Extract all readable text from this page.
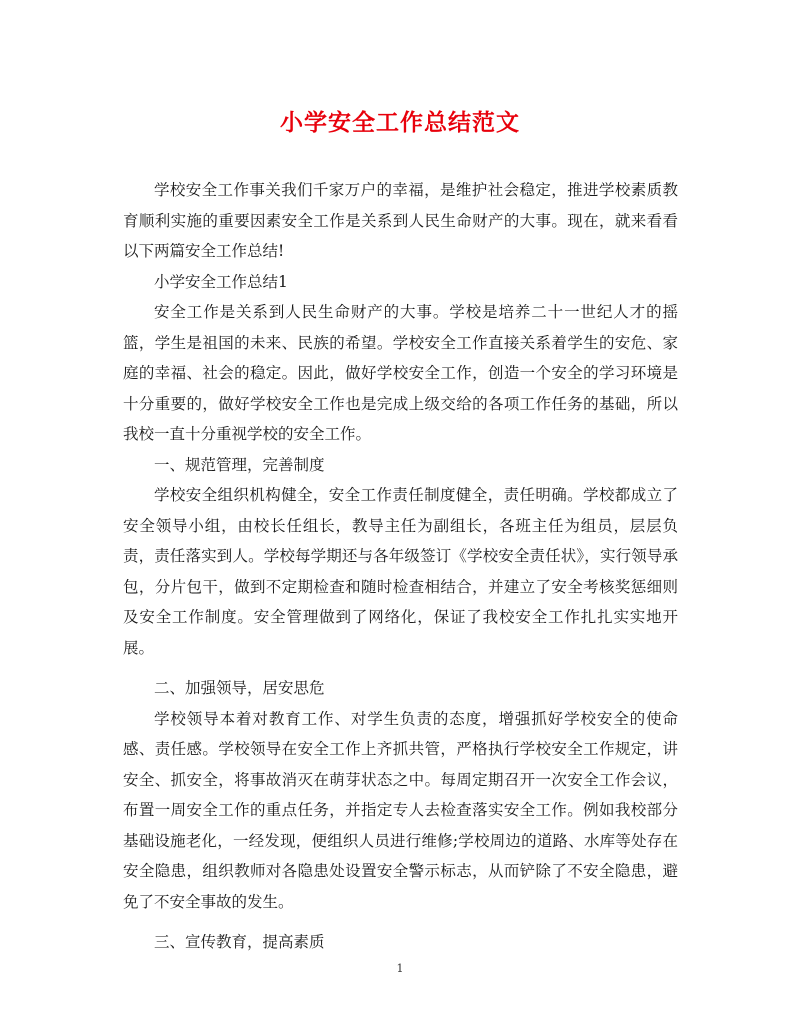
小学安全工作总结范文

学校安全工作事关我们千家万户的幸福，是维护社会稳定，推进学校素质教育顺利实施的重要因素安全工作是关系到人民生命财产的大事。现在，就来看看以下两篇安全工作总结!

小学安全工作总结1

安全工作是关系到人民生命财产的大事。学校是培养二十一世纪人才的摇篮，学生是祖国的未来、民族的希望。学校安全工作直接关系着学生的安危、家庭的幸福、社会的稳定。因此，做好学校安全工作，创造一个安全的学习环境是十分重要的，做好学校安全工作也是完成上级交给的各项工作任务的基础，所以我校一直十分重视学校的安全工作。

一、规范管理，完善制度

学校安全组织机构健全，安全工作责任制度健全，责任明确。学校都成立了安全领导小组，由校长任组长，教导主任为副组长，各班主任为组员，层层负责，责任落实到人。学校每学期还与各年级签订《学校安全责任状》，实行领导承包，分片包干，做到不定期检查和随时检查相结合，并建立了安全考核奖惩细则及安全工作制度。安全管理做到了网络化，保证了我校安全工作扎扎实实地开展。

二、加强领导，居安思危

学校领导本着对教育工作、对学生负责的态度，增强抓好学校安全的使命感、责任感。学校领导在安全工作上齐抓共管，严格执行学校安全工作规定，讲安全、抓安全，将事故消灭在萌芽状态之中。每周定期召开一次安全工作会议，布置一周安全工作的重点任务，并指定专人去检查落实安全工作。例如我校部分基础设施老化，一经发现，便组织人员进行维修;学校周边的道路、水库等处存在安全隐患，组织教师对各隐患处设置安全警示标志，从而铲除了不安全隐患，避免了不安全事故的发生。

三、宣传教育，提高素质

1
